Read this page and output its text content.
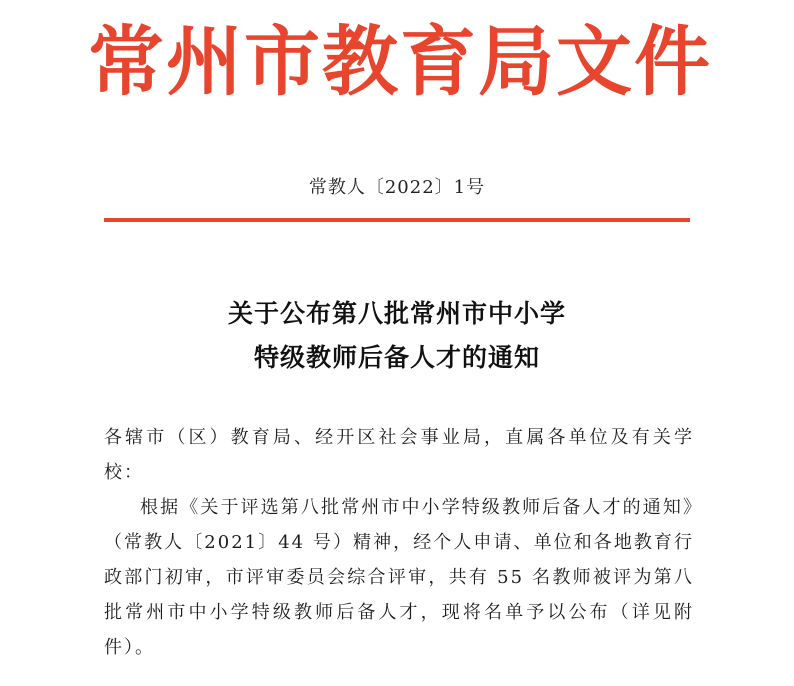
常州市教育局文件
常教人〔2022〕1号
关于公布第八批常州市中小学
特级教师后备人才的通知

各辖市（区）教育局、经开区社会事业局，直属各单位及有关学校：

根据《关于评选第八批常州市中小学特级教师后备人才的通知》（常教人〔2021〕44 号）精神，经个人申请、单位和各地教育行政部门初审，市评审委员会综合评审，共有 55 名教师被评为第八批常州市中小学特级教师后备人才，现将名单予以公布（详见附件）。
